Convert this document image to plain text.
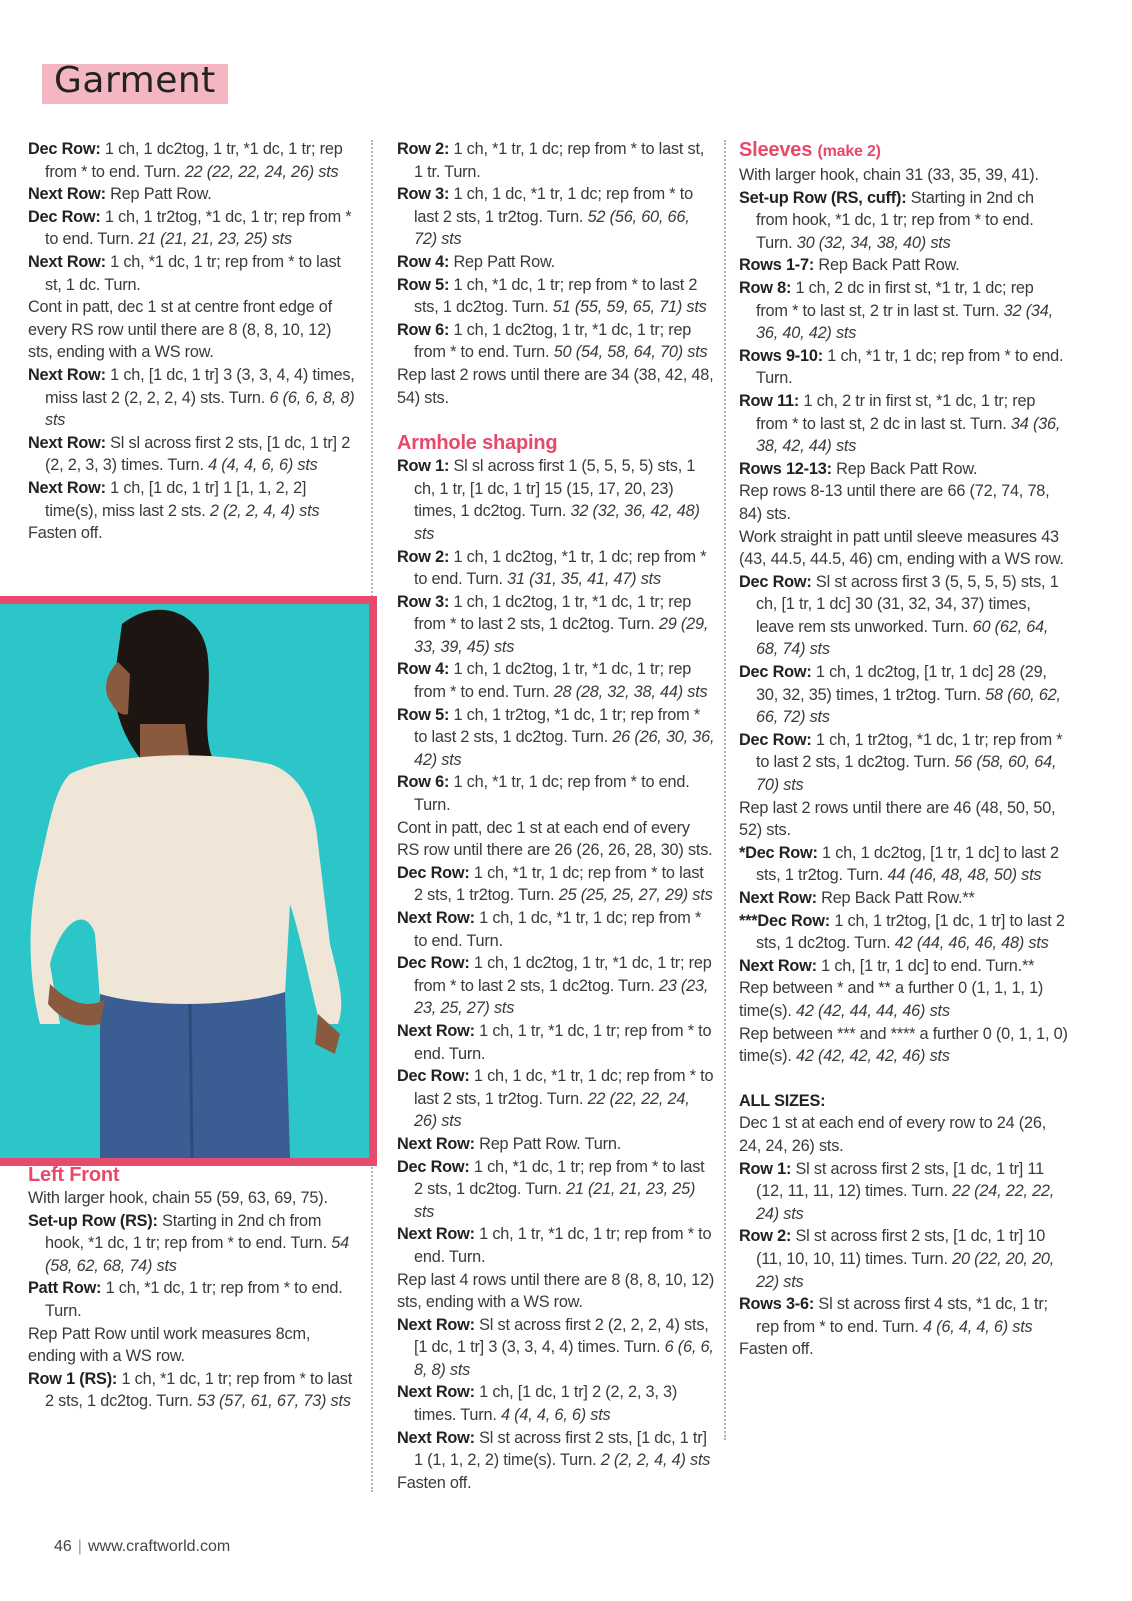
Garment

Dec Row: 1 ch, 1 dc2tog, 1 tr, *1 dc, 1 tr; rep from * to end. Turn. 22 (22, 22, 24, 26) sts

Next Row: Rep Patt Row.

Dec Row: 1 ch, 1 tr2tog, *1 dc, 1 tr; rep from * to end. Turn. 21 (21, 21, 23, 25) sts

Next Row: 1 ch, *1 dc, 1 tr; rep from * to last st, 1 dc. Turn.

Cont in patt, dec 1 st at centre front edge of every RS row until there are 8 (8, 8, 10, 12) sts, ending with a WS row.

Next Row: 1 ch, [1 dc, 1 tr] 3 (3, 3, 4, 4) times, miss last 2 (2, 2, 2, 4) sts. Turn. 6 (6, 6, 8, 8) sts

Next Row: Sl sl across first 2 sts, [1 dc, 1 tr] 2 (2, 2, 3, 3) times. Turn. 4 (4, 4, 6, 6) sts

Next Row: 1 ch, [1 dc, 1 tr] 1 [1, 1, 2, 2] time(s), miss last 2 sts. 2 (2, 2, 4, 4) sts

Fasten off.

Left Front

With larger hook, chain 55 (59, 63, 69, 75).

Set-up Row (RS): Starting in 2nd ch from hook, *1 dc, 1 tr; rep from * to end. Turn. 54 (58, 62, 68, 74) sts

Patt Row: 1 ch, *1 dc, 1 tr; rep from * to end. Turn.

Rep Patt Row until work measures 8cm, ending with a WS row.

Row 1 (RS): 1 ch, *1 dc, 1 tr; rep from * to last 2 sts, 1 dc2tog. Turn. 53 (57, 61, 67, 73) sts

Row 2: 1 ch, *1 tr, 1 dc; rep from * to last st, 1 tr. Turn.

Row 3: 1 ch, 1 dc, *1 tr, 1 dc; rep from * to last 2 sts, 1 tr2tog. Turn. 52 (56, 60, 66, 72) sts

Row 4: Rep Patt Row.

Row 5: 1 ch, *1 dc, 1 tr; rep from * to last 2 sts, 1 dc2tog. Turn. 51 (55, 59, 65, 71) sts

Row 6: 1 ch, 1 dc2tog, 1 tr, *1 dc, 1 tr; rep from * to end. Turn. 50 (54, 58, 64, 70) sts

Rep last 2 rows until there are 34 (38, 42, 48, 54) sts.

Armhole shaping

Row 1: Sl sl across first 1 (5, 5, 5, 5) sts, 1 ch, 1 tr, [1 dc, 1 tr] 15 (15, 17, 20, 23) times, 1 dc2tog. Turn. 32 (32, 36, 42, 48) sts

Row 2: 1 ch, 1 dc2tog, *1 tr, 1 dc; rep from * to end. Turn. 31 (31, 35, 41, 47) sts

Row 3: 1 ch, 1 dc2tog, 1 tr, *1 dc, 1 tr; rep from * to last 2 sts, 1 dc2tog. Turn. 29 (29, 33, 39, 45) sts

Row 4: 1 ch, 1 dc2tog, 1 tr, *1 dc, 1 tr; rep from * to end. Turn. 28 (28, 32, 38, 44) sts

Row 5: 1 ch, 1 tr2tog, *1 dc, 1 tr; rep from * to last 2 sts, 1 dc2tog. Turn. 26 (26, 30, 36, 42) sts

Row 6: 1 ch, *1 tr, 1 dc; rep from * to end. Turn.

Cont in patt, dec 1 st at each end of every RS row until there are 26 (26, 26, 28, 30) sts.

Dec Row: 1 ch, *1 tr, 1 dc; rep from * to last 2 sts, 1 tr2tog. Turn. 25 (25, 25, 27, 29) sts

Next Row: 1 ch, 1 dc, *1 tr, 1 dc; rep from * to end. Turn.

Dec Row: 1 ch, 1 dc2tog, 1 tr, *1 dc, 1 tr; rep from * to last 2 sts, 1 dc2tog. Turn. 23 (23, 23, 25, 27) sts

Next Row: 1 ch, 1 tr, *1 dc, 1 tr; rep from * to end. Turn.

Dec Row: 1 ch, 1 dc, *1 tr, 1 dc; rep from * to last 2 sts, 1 tr2tog. Turn. 22 (22, 22, 24, 26) sts

Next Row: Rep Patt Row. Turn.

Dec Row: 1 ch, *1 dc, 1 tr; rep from * to last 2 sts, 1 dc2tog. Turn. 21 (21, 21, 23, 25) sts

Next Row: 1 ch, 1 tr, *1 dc, 1 tr; rep from * to end. Turn.

Rep last 4 rows until there are 8 (8, 8, 10, 12) sts, ending with a WS row.

Next Row: Sl st across first 2 (2, 2, 2, 4) sts, [1 dc, 1 tr] 3 (3, 3, 4, 4) times. Turn. 6 (6, 6, 8, 8) sts

Next Row: 1 ch, [1 dc, 1 tr] 2 (2, 2, 3, 3) times. Turn. 4 (4, 4, 6, 6) sts

Next Row: Sl st across first 2 sts, [1 dc, 1 tr] 1 (1, 1, 2, 2) time(s). Turn. 2 (2, 2, 4, 4) sts

Fasten off.

Sleeves (make 2)

With larger hook, chain 31 (33, 35, 39, 41).

Set-up Row (RS, cuff): Starting in 2nd ch from hook, *1 dc, 1 tr; rep from * to end. Turn. 30 (32, 34, 38, 40) sts

Rows 1-7: Rep Back Patt Row.

Row 8: 1 ch, 2 dc in first st, *1 tr, 1 dc; rep from * to last st, 2 tr in last st. Turn. 32 (34, 36, 40, 42) sts

Rows 9-10: 1 ch, *1 tr, 1 dc; rep from * to end. Turn.

Row 11: 1 ch, 2 tr in first st, *1 dc, 1 tr; rep from * to last st, 2 dc in last st. Turn. 34 (36, 38, 42, 44) sts

Rows 12-13: Rep Back Patt Row.

Rep rows 8-13 until there are 66 (72, 74, 78, 84) sts.

Work straight in patt until sleeve measures 43 (43, 44.5, 44.5, 46) cm, ending with a WS row.

Dec Row: Sl st across first 3 (5, 5, 5, 5) sts, 1 ch, [1 tr, 1 dc] 30 (31, 32, 34, 37) times, leave rem sts unworked. Turn. 60 (62, 64, 68, 74) sts

Dec Row: 1 ch, 1 dc2tog, [1 tr, 1 dc] 28 (29, 30, 32, 35) times, 1 tr2tog. Turn. 58 (60, 62, 66, 72) sts

Dec Row: 1 ch, 1 tr2tog, *1 dc, 1 tr; rep from * to last 2 sts, 1 dc2tog. Turn. 56 (58, 60, 64, 70) sts

Rep last 2 rows until there are 46 (48, 50, 50, 52) sts.

*Dec Row: 1 ch, 1 dc2tog, [1 tr, 1 dc] to last 2 sts, 1 tr2tog. Turn. 44 (46, 48, 48, 50) sts

Next Row: Rep Back Patt Row.**

***Dec Row: 1 ch, 1 tr2tog, [1 dc, 1 tr] to last 2 sts, 1 dc2tog. Turn. 42 (44, 46, 46, 48) sts

Next Row: 1 ch, [1 tr, 1 dc] to end. Turn.**

Rep between * and ** a further 0 (1, 1, 1, 1) time(s). 42 (42, 44, 44, 46) sts

Rep between *** and **** a further 0 (0, 1, 1, 0) time(s). 42 (42, 42, 42, 46) sts

ALL SIZES:

Dec 1 st at each end of every row to 24 (26, 24, 24, 26) sts.

Row 1: Sl st across first 2 sts, [1 dc, 1 tr] 11 (12, 11, 11, 12) times. Turn. 22 (24, 22, 22, 24) sts

Row 2: Sl st across first 2 sts, [1 dc, 1 tr] 10 (11, 10, 10, 11) times. Turn. 20 (22, 20, 20, 22) sts

Rows 3-6: Sl st across first 4 sts, *1 dc, 1 tr; rep from * to end. Turn. 4 (6, 4, 4, 6) sts

Fasten off.

46 | www.craftworld.com
